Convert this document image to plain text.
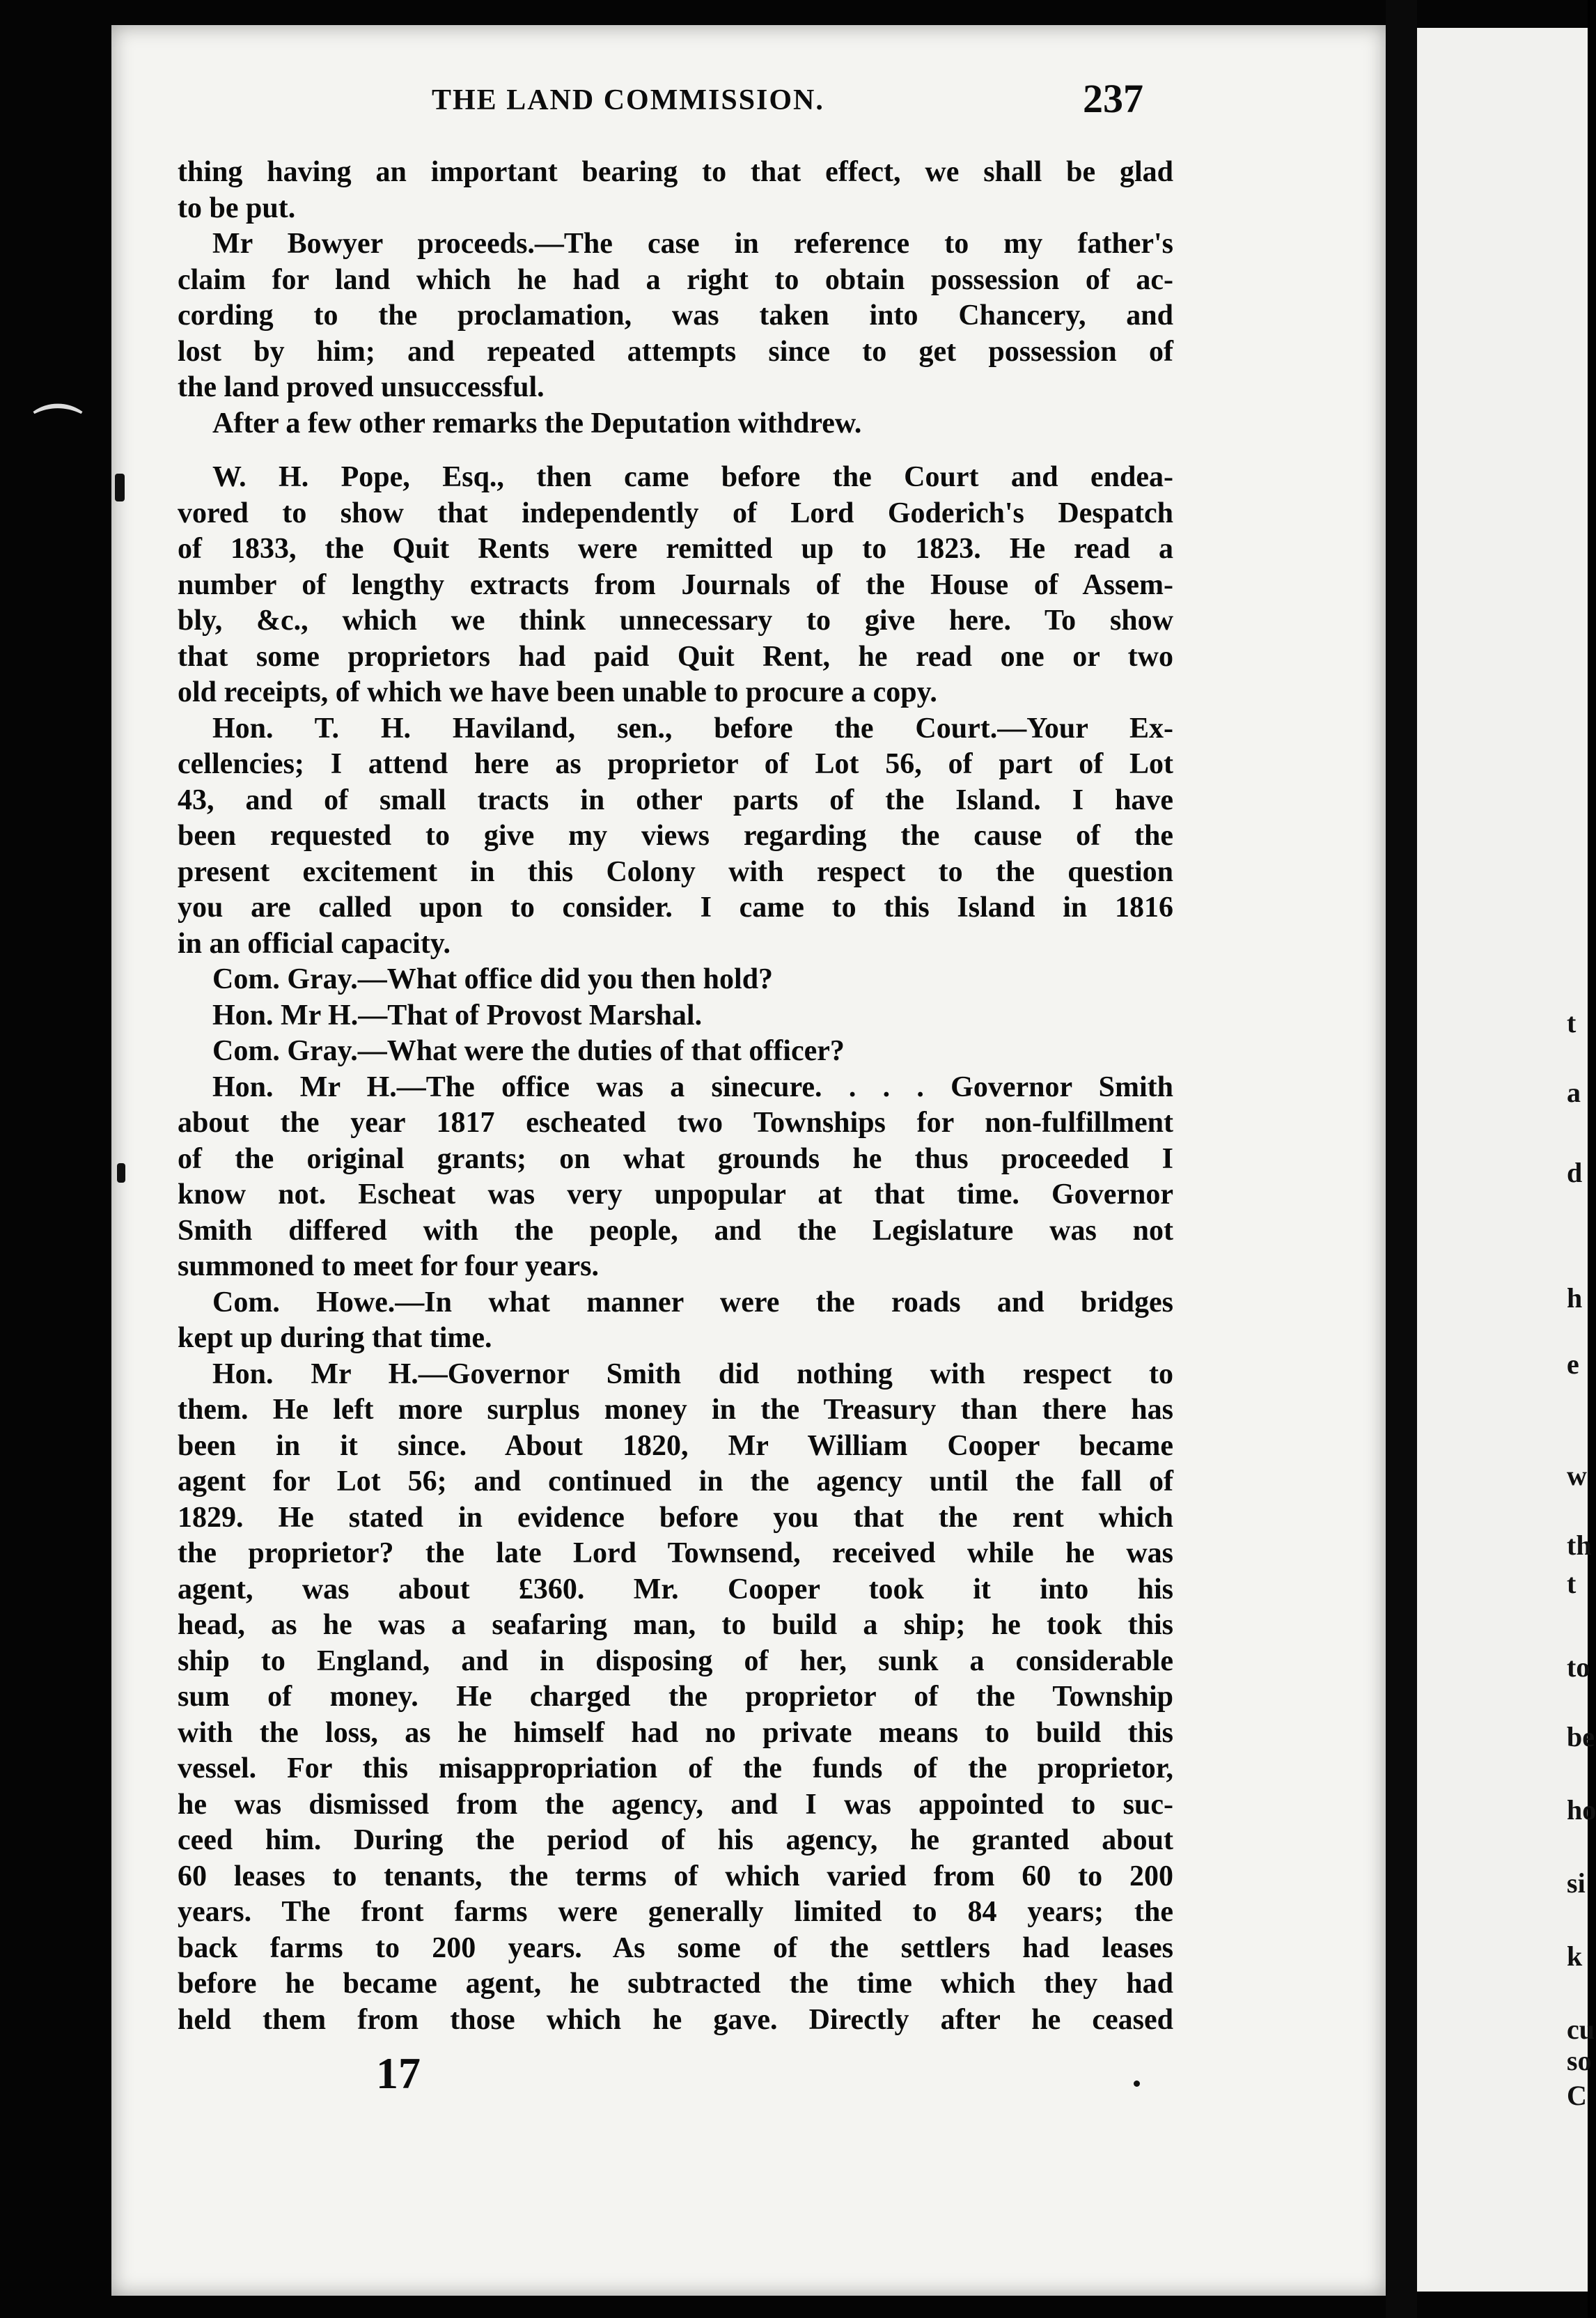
t
a
d
h
e
w
th
t
to
be
ho
si
k
cu
so
C
⌒
THE LAND COMMISSION.	237
thing having an important bearing to that effect, we shall be glad
to be put.
Mr Bowyer proceeds.—The case in reference to my father's
claim for land which he had a right to obtain possession of ac-
cording to the proclamation, was taken into Chancery, and
lost by him; and repeated attempts since to get possession of
the land proved unsuccessful.
After a few other remarks the Deputation withdrew.
W. H. Pope, Esq., then came before the Court and endea-
vored to show that independently of Lord Goderich's Despatch
of 1833, the Quit Rents were remitted up to 1823. He read a
number of lengthy extracts from Journals of the House of Assem-
bly, &c., which we think unnecessary to give here. To show
that some proprietors had paid Quit Rent, he read one or two
old receipts, of which we have been unable to procure a copy.
Hon. T. H. Haviland, sen., before the Court.—Your Ex-
cellencies; I attend here as proprietor of Lot 56, of part of Lot
43, and of small tracts in other parts of the Island. I have
been requested to give my views regarding the cause of the
present excitement in this Colony with respect to the question
you are called upon to consider. I came to this Island in 1816
in an official capacity.
Com. Gray.—What office did you then hold?
Hon. Mr H.—That of Provost Marshal.
Com. Gray.—What were the duties of that officer?
Hon. Mr H.—The office was a sinecure. . . . Governor Smith
about the year 1817 escheated two Townships for non-fulfillment
of the original grants; on what grounds he thus proceeded I
know not. Escheat was very unpopular at that time. Governor
Smith differed with the people, and the Legislature was not
summoned to meet for four years.
Com. Howe.—In what manner were the roads and bridges
kept up during that time.
Hon. Mr H.—Governor Smith did nothing with respect to
them. He left more surplus money in the Treasury than there has
been in it since. About 1820, Mr William Cooper became
agent for Lot 56; and continued in the agency until the fall of
1829. He stated in evidence before you that the rent which
the proprietor? the late Lord Townsend, received while he was
agent, was about £360. Mr. Cooper took it into his
head, as he was a seafaring man, to build a ship; he took this
ship to England, and in disposing of her, sunk a considerable
sum of money. He charged the proprietor of the Township
with the loss, as he himself had no private means to build this
vessel. For this misappropriation of the funds of the proprietor,
he was dismissed from the agency, and I was appointed to suc-
ceed him. During the period of his agency, he granted about
60 leases to tenants, the terms of which varied from 60 to 200
years. The front farms were generally limited to 84 years; the
back farms to 200 years. As some of the settlers had leases
before he became agent, he subtracted the time which they had
held them from those which he gave. Directly after he ceased
17
